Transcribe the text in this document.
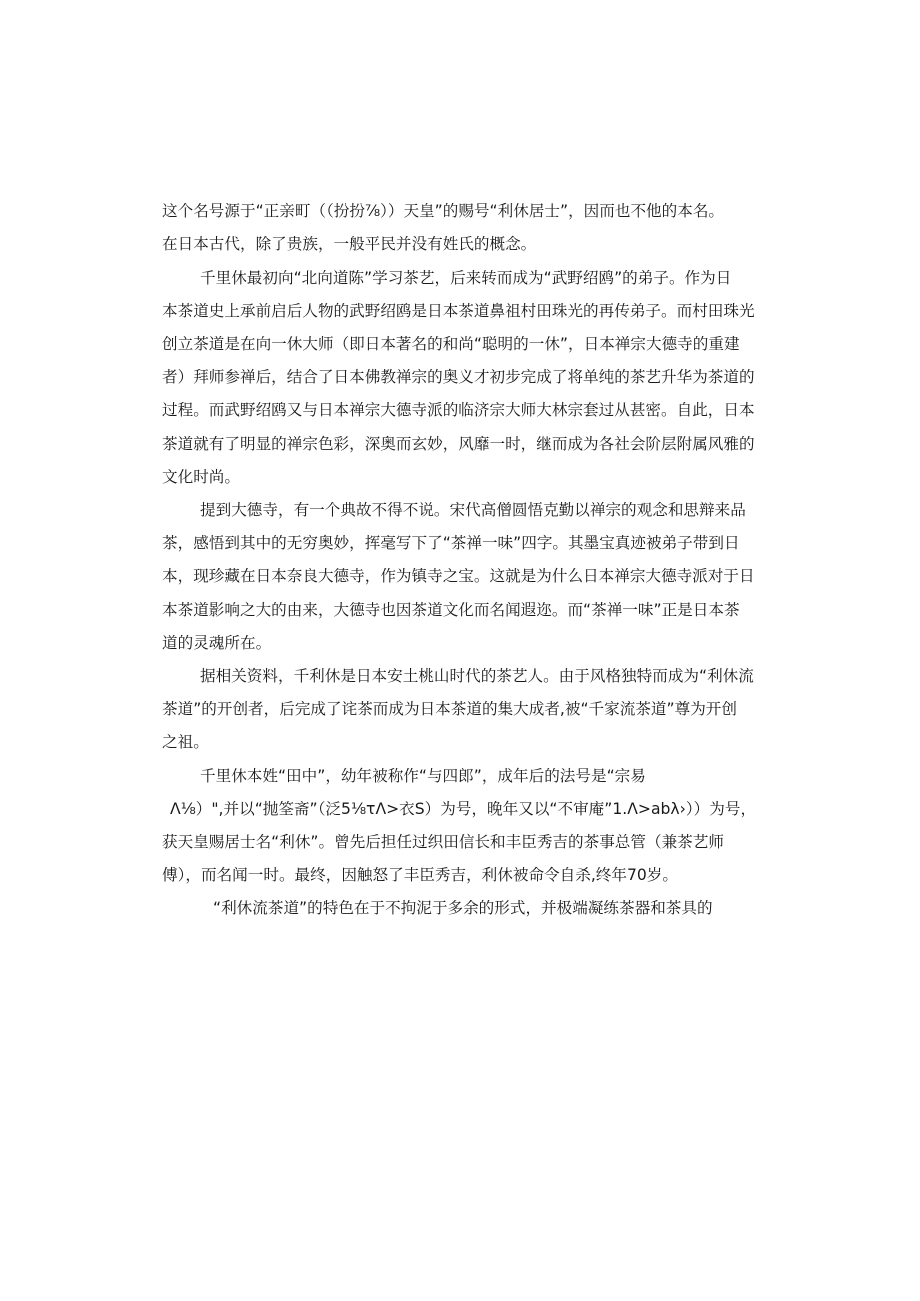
这个名号源于“正亲町（（扮扮⅞））天皇”的赐号“利休居士”，因而也不他的本名。
在日本古代，除了贵族，一般平民并没有姓氏的概念。
千里休最初向“北向道陈”学习茶艺，后来转而成为“武野绍鸥”的弟子。作为日
本茶道史上承前启后人物的武野绍鸥是日本茶道鼻祖村田珠光的再传弟子。而村田珠光
创立茶道是在向一休大师（即日本著名的和尚“聪明的一休”，日本禅宗大德寺的重建
者）拜师参禅后，结合了日本佛教禅宗的奥义才初步完成了将单纯的茶艺升华为茶道的
过程。而武野绍鸥又与日本禅宗大德寺派的临济宗大师大林宗套过从甚密。自此，日本
茶道就有了明显的禅宗色彩，深奥而玄妙，风靡一时，继而成为各社会阶层附属风雅的
文化时尚。
提到大德寺，有一个典故不得不说。宋代高僧圆悟克勤以禅宗的观念和思辩来品
茶，感悟到其中的无穷奥妙，挥毫写下了“茶禅一味”四字。其墨宝真迹被弟子带到日
本，现珍藏在日本奈良大德寺，作为镇寺之宝。这就是为什么日本禅宗大德寺派对于日
本茶道影响之大的由来，大德寺也因茶道文化而名闻遐迩。而“茶禅一味”正是日本茶
道的灵魂所在。
据相关资料，千利休是日本安土桃山时代的茶艺人。由于风格独特而成为“利休流
茶道”的开创者，后完成了诧茶而成为日本茶道的集大成者,被“千家流茶道”尊为开创
之祖。
千里休本姓“田中”，幼年被称作“与四郎”，成年后的法号是“宗易
Λ⅛）",并以“抛筌斋”（泛5⅛τΛ>衣S）为号，晚年又以“不审庵”1.Λ>abλ›））为号，
获天皇赐居士名“利休”。曾先后担任过织田信长和丰臣秀吉的茶事总管（兼茶艺师
傅），而名闻一时。最终，因触怒了丰臣秀吉，利休被命令自杀,终年70岁。
“利休流茶道”的特色在于不拘泥于多余的形式，并极端凝练茶器和茶具的
